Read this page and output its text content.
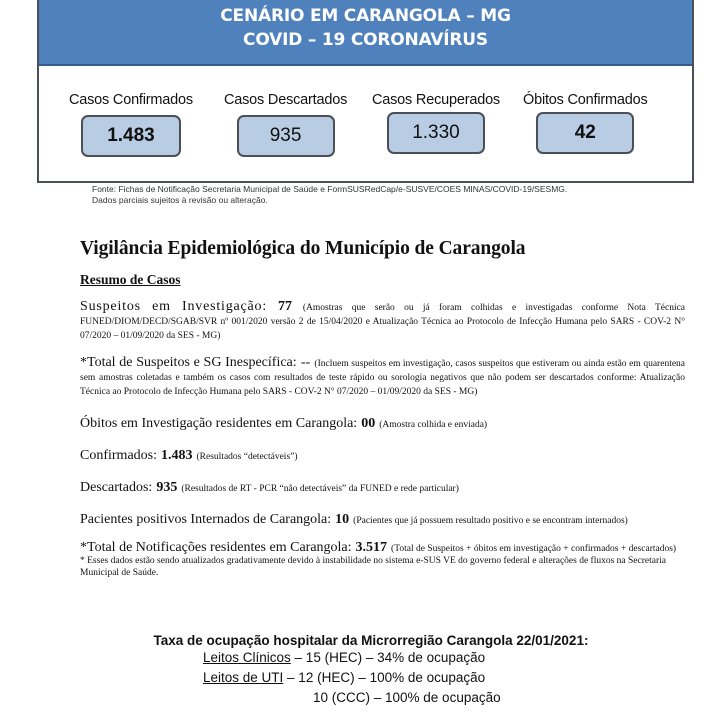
CENÁRIO EM CARANGOLA – MG
COVID – 19 CORONAVÍRUS
Casos Confirmados
1.483
Casos Descartados
935
Casos Recuperados
1.330
Óbitos Confirmados
42
Fonte: Fichas de Notificação Secretaria Municipal de Saúde e FormSUSRedCap/e-SUSVE/COES MINAS/COVID-19/SESMG.
Dados parciais sujeitos à revisão ou alteração.
Vigilância Epidemiológica do Município de Carangola
Resumo de Casos
Suspeitos em Investigação: 77 (Amostras que serão ou já foram colhidas e investigadas conforme Nota Técnica FUNED/DIOM/DECD/SGAB/SVR nº 001/2020 versão 2 de 15/04/2020 e Atualização Técnica ao Protocolo de Infecção Humana pelo SARS - COV-2 N° 07/2020 – 01/09/2020 da SES - MG)
*Total de Suspeitos e SG Inespecífica: -- (Incluem suspeitos em investigação, casos suspeitos que estiveram ou ainda estão em quarentena sem amostras coletadas e também os casos com resultados de teste rápido ou sorologia negativos que não podem ser descartados conforme: Atualização Técnica ao Protocolo de Infecção Humana pelo SARS - COV-2 N° 07/2020 – 01/09/2020 da SES - MG)
Óbitos em Investigação residentes em Carangola: 00 (Amostra colhida e enviada)
Confirmados: 1.483 (Resultados “detectáveis”)
Descartados: 935 (Resultados de RT - PCR “não detectáveis” da FUNED e rede particular)
Pacientes positivos Internados de Carangola: 10 (Pacientes que já possuem resultado positivo e se encontram internados)
*Total de Notificações residentes em Carangola: 3.517 (Total de Suspeitos + óbitos em investigação + confirmados + descartados)
* Esses dados estão sendo atualizados gradativamente devido à instabilidade no sistema e-SUS VE do governo federal e alterações de fluxos na Secretaria Municipal de Saúde.
Taxa de ocupação hospitalar da Microrregião Carangola 22/01/2021:
Leitos Clínicos – 15 (HEC) – 34% de ocupação
Leitos de UTI – 12 (HEC) – 100% de ocupação
10 (CCC) – 100% de ocupação
